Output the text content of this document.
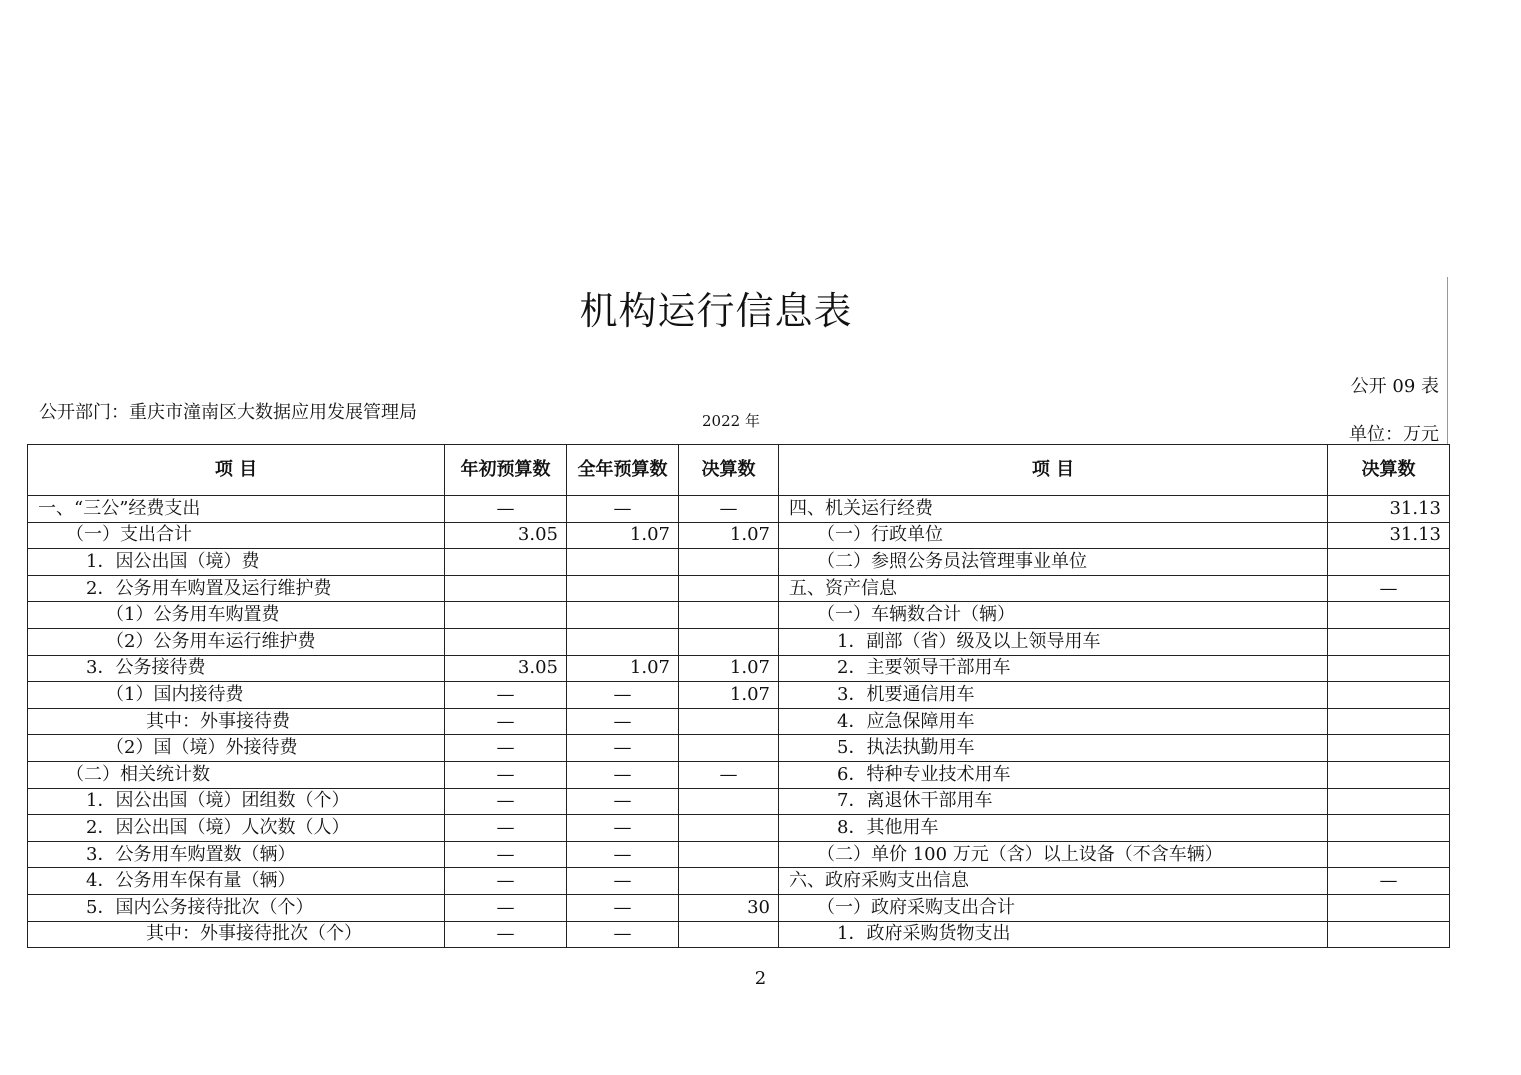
机构运行信息表
公开 09 表
公开部门：重庆市潼南区大数据应用发展管理局	2022 年
单位：万元
项 目	年初预算数	全年预算数	决算数	项 目	决算数
一、“三公”经费支出	—	—	—	四、机关运行经费	31.13
（一）支出合计	3.05	1.07	1.07	（一）行政单位	31.13
1．因公出国（境）费				（二）参照公务员法管理事业单位	
2．公务用车购置及运行维护费				五、资产信息	—
（1）公务用车购置费				（一）车辆数合计（辆）	
（2）公务用车运行维护费				1．副部（省）级及以上领导用车	
3．公务接待费	3.05	1.07	1.07	2．主要领导干部用车	
（1）国内接待费	—	—	1.07	3．机要通信用车	
其中：外事接待费	—	—		4．应急保障用车	
（2）国（境）外接待费	—	—		5．执法执勤用车	
（二）相关统计数	—	—	—	6．特种专业技术用车	
1．因公出国（境）团组数（个）	—	—		7．离退休干部用车	
2．因公出国（境）人次数（人）	—	—		8．其他用车	
3．公务用车购置数（辆）	—	—		（二）单价 100 万元（含）以上设备（不含车辆）	
4．公务用车保有量（辆）	—	—		六、政府采购支出信息	—
5．国内公务接待批次（个）	—	—	30	（一）政府采购支出合计	
其中：外事接待批次（个）	—	—		1．政府采购货物支出	
2
